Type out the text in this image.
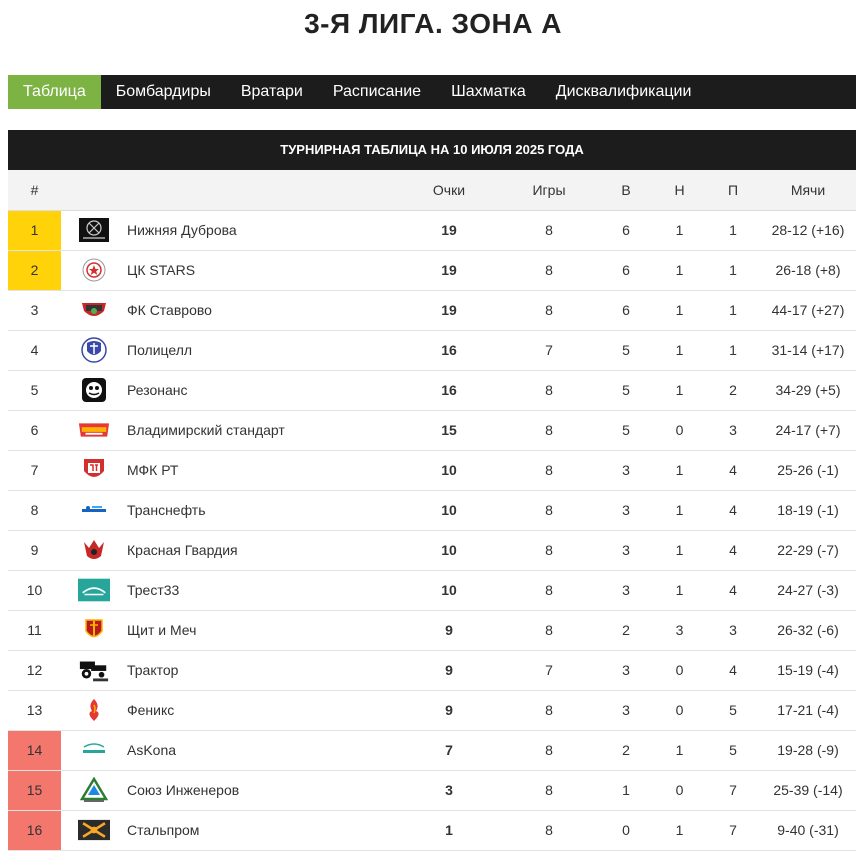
3-Я ЛИГА. ЗОНА А
Таблица	Бомбардиры	Вратари	Расписание	Шахматка	Дисквалификации
ТУРНИРНАЯ ТАБЛИЦА НА 10 ИЮЛЯ 2025 ГОДА
#			Очки	Игры	В	Н	П	Мячи
1		Нижняя Дуброва	19	8	6	1	1	28-12 (+16)
2		ЦК STARS	19	8	6	1	1	26-18 (+8)
3		ФК Ставрово	19	8	6	1	1	44-17 (+27)
4		Полицелл	16	7	5	1	1	31-14 (+17)
5		Резонанс	16	8	5	1	2	34-29 (+5)
6		Владимирский стандарт	15	8	5	0	3	24-17 (+7)
7		МФК РТ	10	8	3	1	4	25-26 (-1)
8		Транснефть	10	8	3	1	4	18-19 (-1)
9		Красная Гвардия	10	8	3	1	4	22-29 (-7)
10		Трест33	10	8	3	1	4	24-27 (-3)
11		Щит и Меч	9	8	2	3	3	26-32 (-6)
12		Трактор	9	7	3	0	4	15-19 (-4)
13		Феникс	9	8	3	0	5	17-21 (-4)
14		AsKona	7	8	2	1	5	19-28 (-9)
15		Союз Инженеров	3	8	1	0	7	25-39 (-14)
16		Стальпром	1	8	0	1	7	9-40 (-31)
